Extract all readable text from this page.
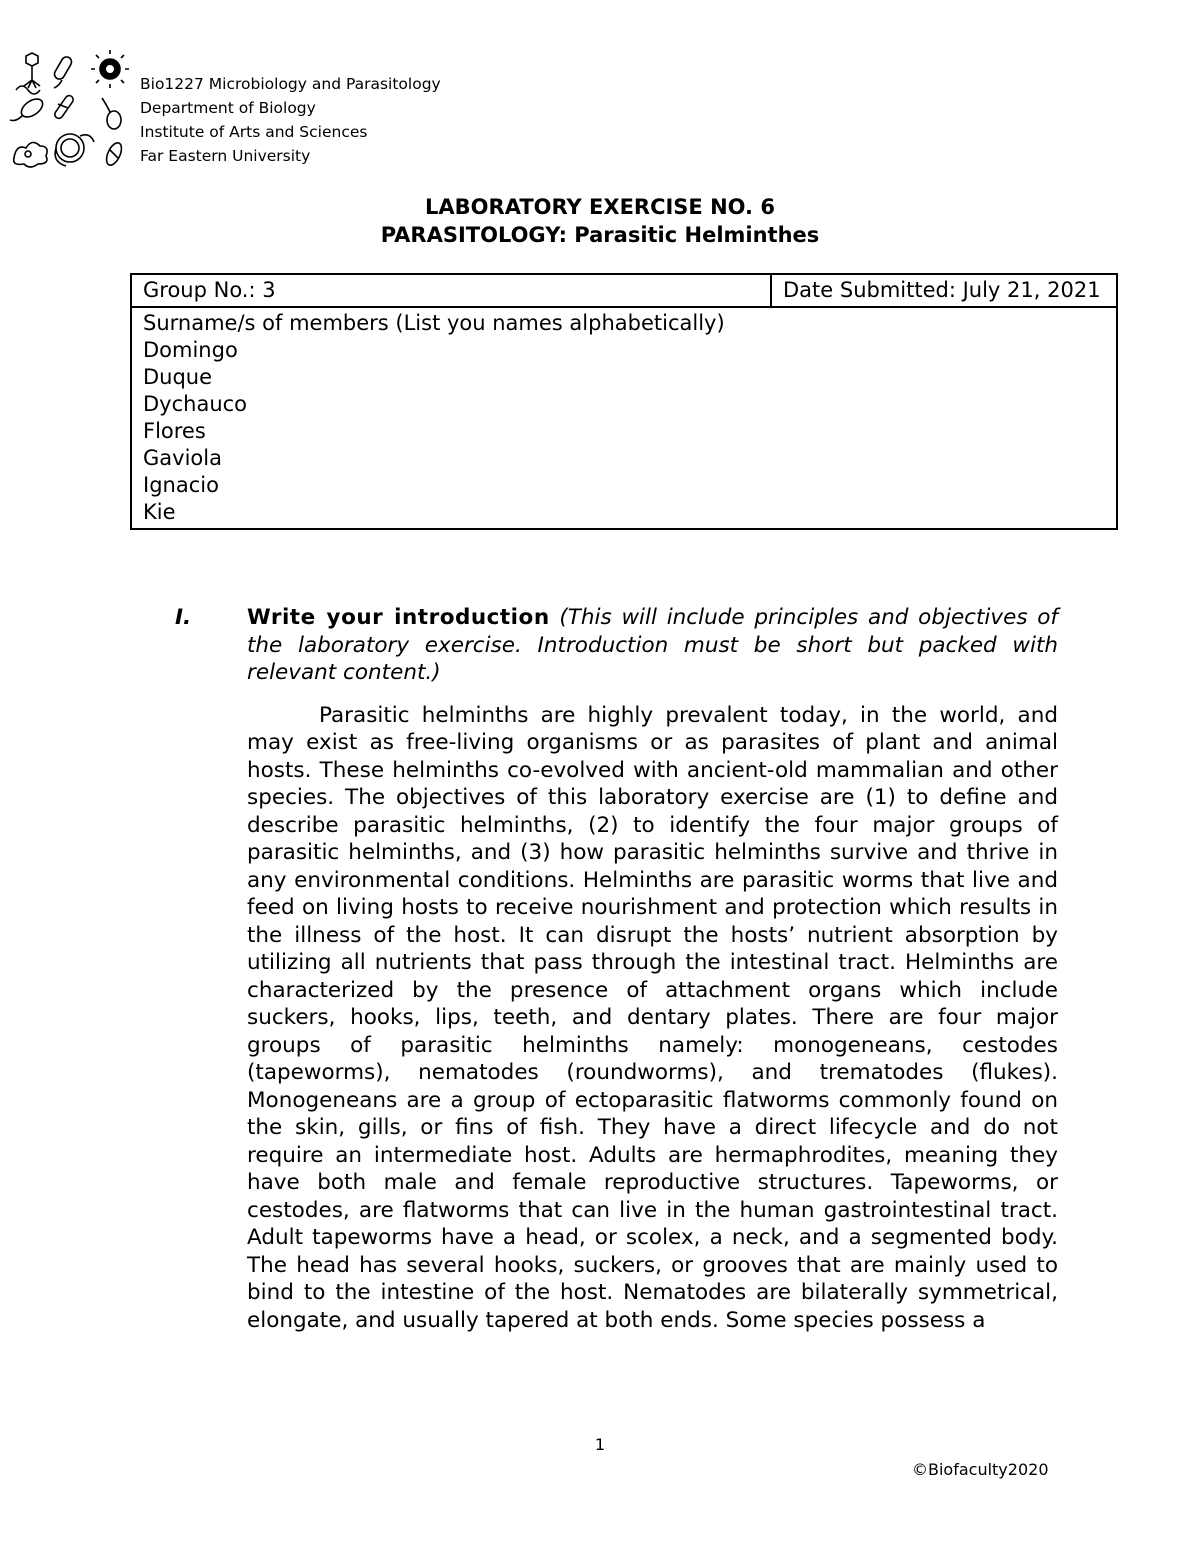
Bio1227 Microbiology and Parasitology
Department of Biology
Institute of Arts and Sciences
Far Eastern University
LABORATORY EXERCISE NO. 6
PARASITOLOGY: Parasitic Helminthes
Group No.: 3	Date Submitted: July 21, 2021

Surname/s of members (List you names alphabetically)
Domingo
Duque
Dychauco
Flores
Gaviola
Ignacio
Kie
I.	Write your introduction (This will include principles and objectives of the laboratory exercise. Introduction must be short but packed with relevant content.)
Parasitic helminths are highly prevalent today, in the world, and may exist as free-living organisms or as parasites of plant and animal hosts. These helminths co-evolved with ancient-old mammalian and other species. The objectives of this laboratory exercise are (1) to define and describe parasitic helminths, (2) to identify the four major groups of parasitic helminths, and (3) how parasitic helminths survive and thrive in any environmental conditions. Helminths are parasitic worms that live and feed on living hosts to receive nourishment and protection which results in the illness of the host. It can disrupt the hosts’ nutrient absorption by utilizing all nutrients that pass through the intestinal tract. Helminths are characterized by the presence of attachment organs which include suckers, hooks, lips, teeth, and dentary plates. There are four major groups of parasitic helminths namely: monogeneans, cestodes (tapeworms), nematodes (roundworms), and trematodes (flukes). Monogeneans are a group of ectoparasitic flatworms commonly found on the skin, gills, or fins of fish. They have a direct lifecycle and do not require an intermediate host. Adults are hermaphrodites, meaning they have both male and female reproductive structures. Tapeworms, or cestodes, are flatworms that can live in the human gastrointestinal tract. Adult tapeworms have a head, or scolex, a neck, and a segmented body. The head has several hooks, suckers, or grooves that are mainly used to bind to the intestine of the host. Nematodes are bilaterally symmetrical, elongate, and usually tapered at both ends. Some species possess a
1
©Biofaculty2020
